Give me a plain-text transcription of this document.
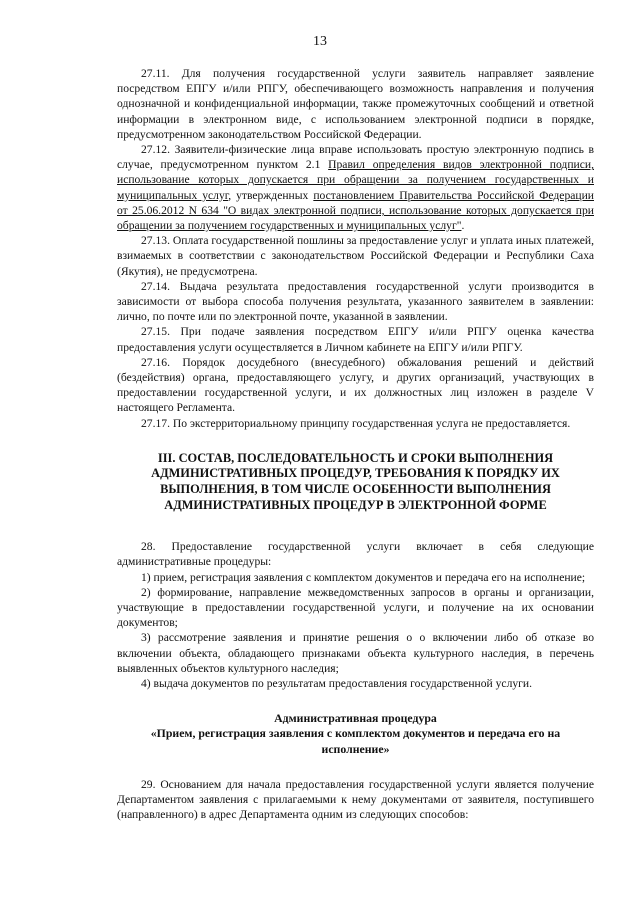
13

27.11. Для получения государственной услуги заявитель направляет заявление посредством ЕПГУ и/или РПГУ, обеспечивающего возможность направления и получения однозначной и конфиденциальной информации, также промежуточных сообщений и ответной информации в электронном виде, с использованием электронной подписи в порядке, предусмотренном законодательством Российской Федерации.

27.12. Заявители-физические лица вправе использовать простую электронную подпись в случае, предусмотренном пунктом 2.1 Правил определения видов электронной подписи, использование которых допускается при обращении за получением государственных и муниципальных услуг, утвержденных постановлением Правительства Российской Федерации от 25.06.2012 N 634 "О видах электронной подписи, использование которых допускается при обращении за получением государственных и муниципальных услуг".

27.13. Оплата государственной пошлины за предоставление услуг и уплата иных платежей, взимаемых в соответствии с законодательством Российской Федерации и Республики Саха (Якутия), не предусмотрена.

27.14. Выдача результата предоставления государственной услуги производится в зависимости от выбора способа получения результата, указанного заявителем в заявлении: лично, по почте или по электронной почте, указанной в заявлении.

27.15. При подаче заявления посредством ЕПГУ и/или РПГУ оценка качества предоставления услуги осуществляется в Личном кабинете на ЕПГУ и/или РПГУ.

27.16. Порядок досудебного (внесудебного) обжалования решений и действий (бездействия) органа, предоставляющего услугу, и других организаций, участвующих в предоставлении государственной услуги, и их должностных лиц изложен в разделе V настоящего Регламента.

27.17. По экстерриториальному принципу государственная услуга не предоставляется.

III. СОСТАВ, ПОСЛЕДОВАТЕЛЬНОСТЬ И СРОКИ ВЫПОЛНЕНИЯ АДМИНИСТРАТИВНЫХ ПРОЦЕДУР, ТРЕБОВАНИЯ К ПОРЯДКУ ИХ ВЫПОЛНЕНИЯ, В ТОМ ЧИСЛЕ ОСОБЕННОСТИ ВЫПОЛНЕНИЯ АДМИНИСТРАТИВНЫХ ПРОЦЕДУР В ЭЛЕКТРОННОЙ ФОРМЕ

28. Предоставление государственной услуги включает в себя следующие административные процедуры:

1) прием, регистрация заявления с комплектом документов и передача его на исполнение;

2) формирование, направление межведомственных запросов в органы и организации, участвующие в предоставлении государственной услуги, и получение на их основании документов;

3) рассмотрение заявления и принятие решения о о включении либо об отказе во включении объекта, обладающего признаками объекта культурного наследия, в перечень выявленных объектов культурного наследия;

4) выдача документов по результатам предоставления государственной услуги.

Административная процедура
«Прием, регистрация заявления с комплектом документов и передача его на исполнение»

29. Основанием для начала предоставления государственной услуги является получение Департаментом заявления с прилагаемыми к нему документами от заявителя, поступившего (направленного) в адрес Департамента одним из следующих способов:
